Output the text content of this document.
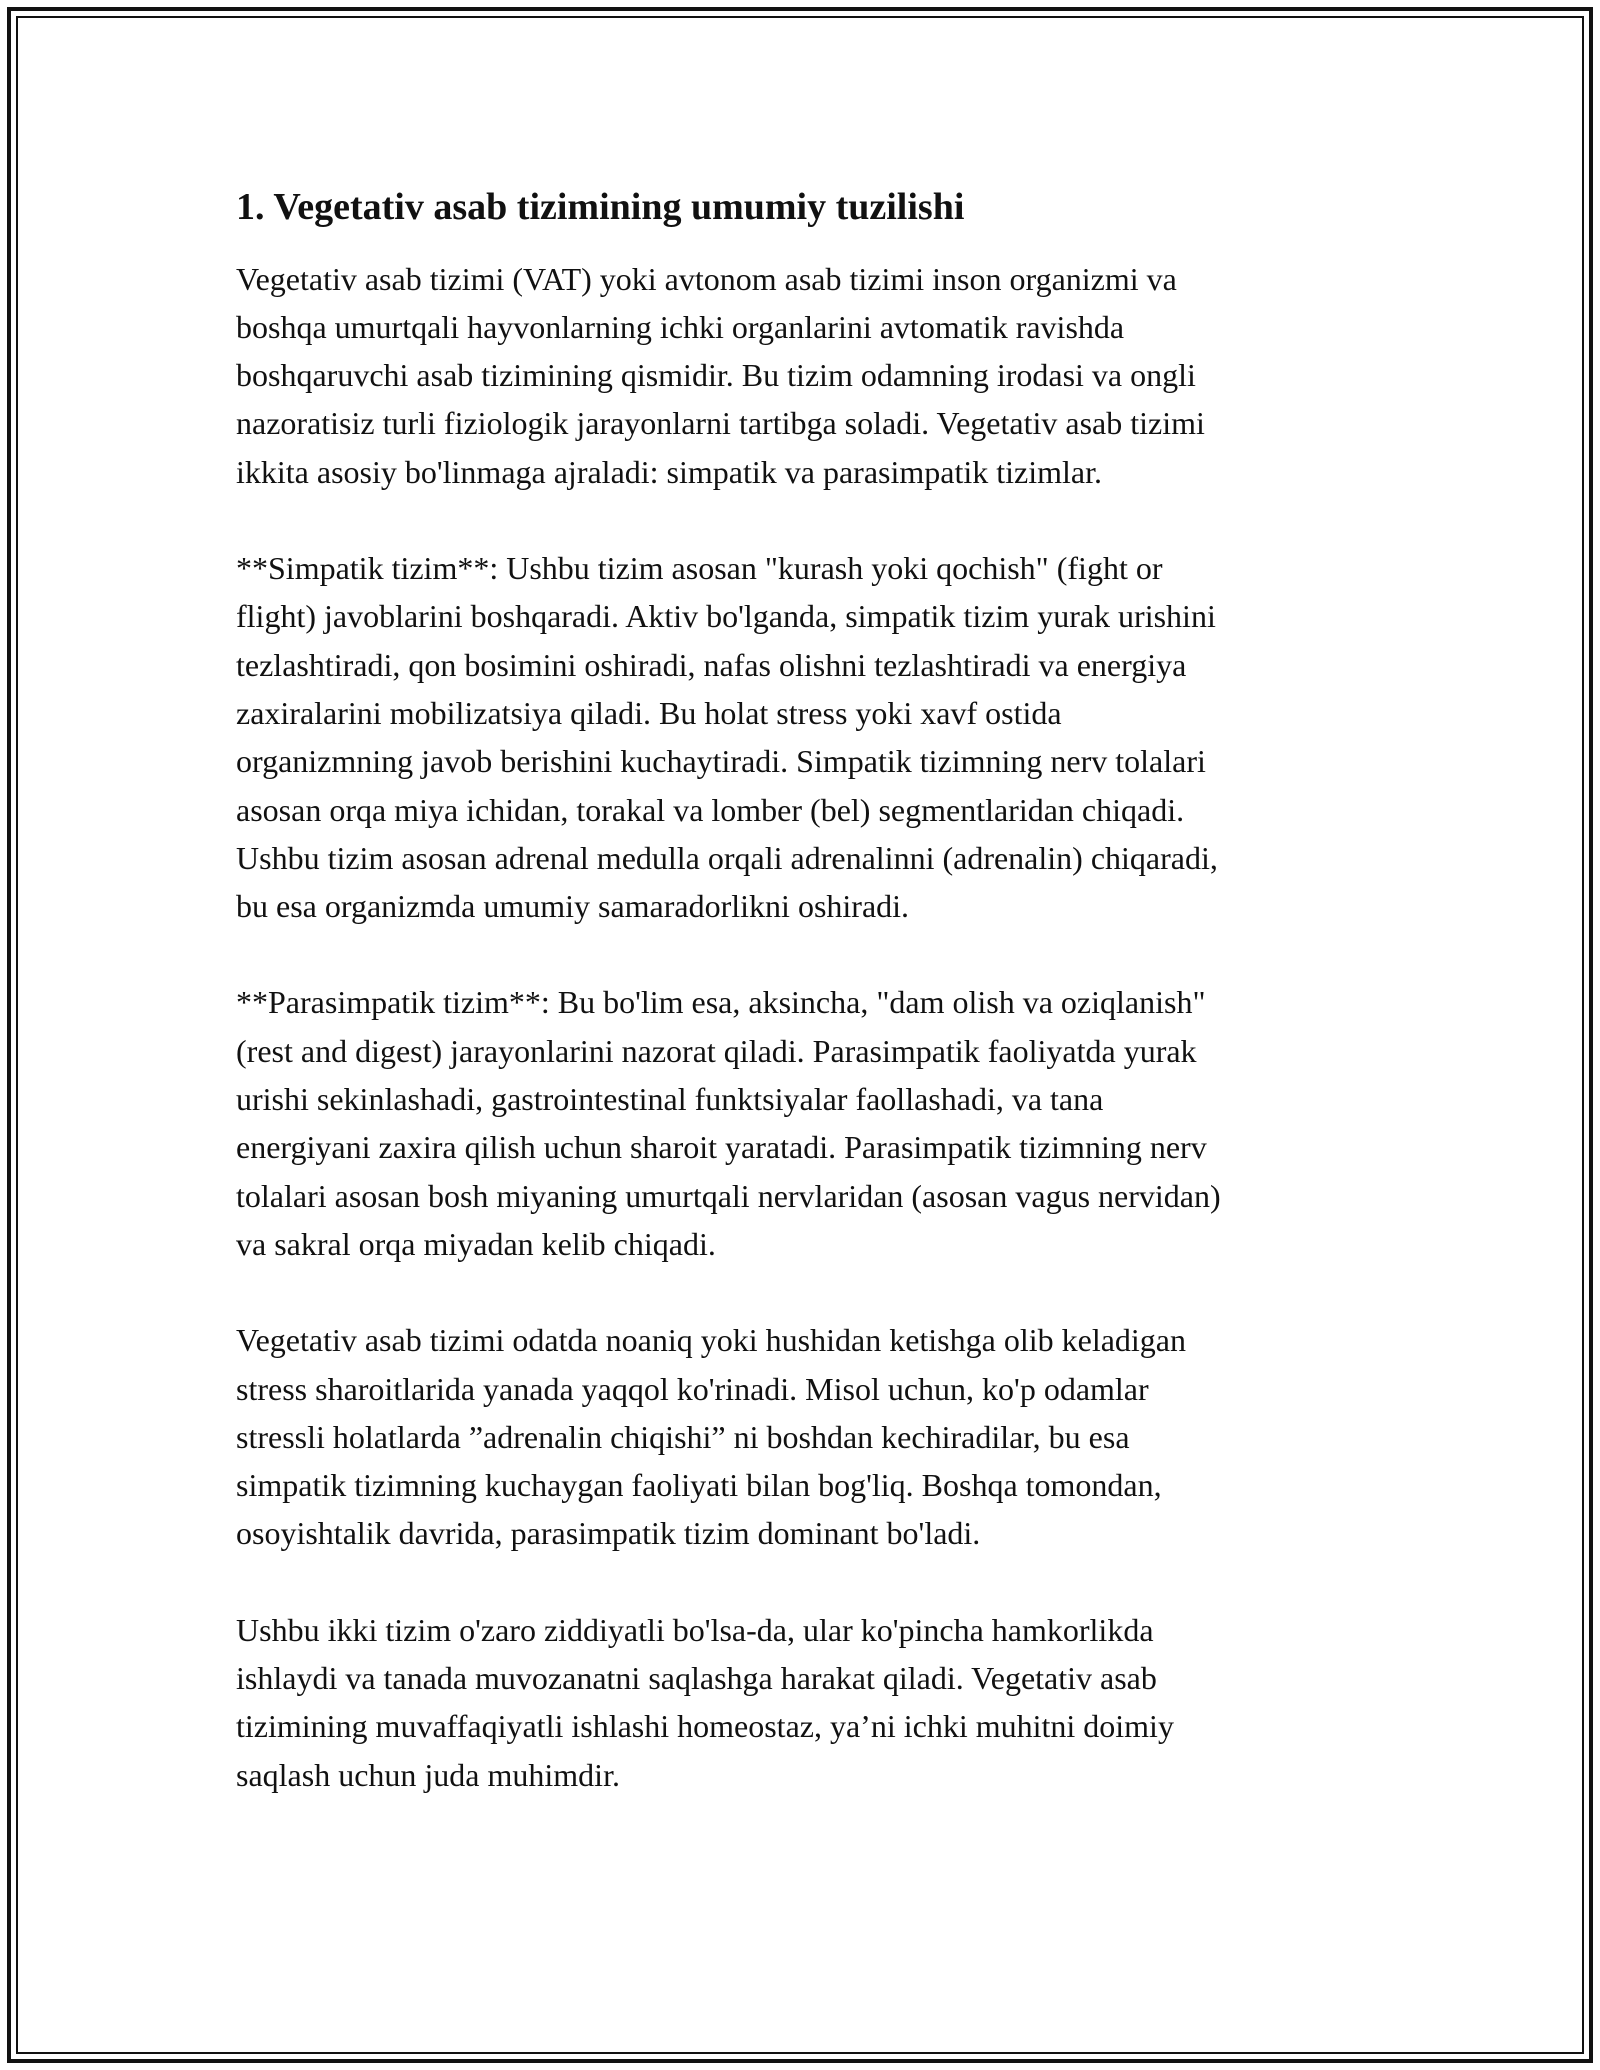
1. Vegetativ asab tizimining umumiy tuzilishi

Vegetativ asab tizimi (VAT) yoki avtonom asab tizimi inson organizmi va
boshqa umurtqali hayvonlarning ichki organlarini avtomatik ravishda
boshqaruvchi asab tizimining qismidir. Bu tizim odamning irodasi va ongli
nazoratisiz turli fiziologik jarayonlarni tartibga soladi. Vegetativ asab tizimi
ikkita asosiy bo'linmaga ajraladi: simpatik va parasimpatik tizimlar.

**Simpatik tizim**: Ushbu tizim asosan "kurash yoki qochish" (fight or
flight) javoblarini boshqaradi. Aktiv bo'lganda, simpatik tizim yurak urishini
tezlashtiradi, qon bosimini oshiradi, nafas olishni tezlashtiradi va energiya
zaxiralarini mobilizatsiya qiladi. Bu holat stress yoki xavf ostida
organizmning javob berishini kuchaytiradi. Simpatik tizimning nerv tolalari
asosan orqa miya ichidan, torakal va lomber (bel) segmentlaridan chiqadi.
Ushbu tizim asosan adrenal medulla orqali adrenalinni (adrenalin) chiqaradi,
bu esa organizmda umumiy samaradorlikni oshiradi.

**Parasimpatik tizim**: Bu bo'lim esa, aksincha, "dam olish va oziqlanish"
(rest and digest) jarayonlarini nazorat qiladi. Parasimpatik faoliyatda yurak
urishi sekinlashadi, gastrointestinal funktsiyalar faollashadi, va tana
energiyani zaxira qilish uchun sharoit yaratadi. Parasimpatik tizimning nerv
tolalari asosan bosh miyaning umurtqali nervlaridan (asosan vagus nervidan)
va sakral orqa miyadan kelib chiqadi.

Vegetativ asab tizimi odatda noaniq yoki hushidan ketishga olib keladigan
stress sharoitlarida yanada yaqqol ko'rinadi. Misol uchun, ko'p odamlar
stressli holatlarda ”adrenalin chiqishi” ni boshdan kechiradilar, bu esa
simpatik tizimning kuchaygan faoliyati bilan bog'liq. Boshqa tomondan,
osoyishtalik davrida, parasimpatik tizim dominant bo'ladi.

Ushbu ikki tizim o'zaro ziddiyatli bo'lsa-da, ular ko'pincha hamkorlikda
ishlaydi va tanada muvozanatni saqlashga harakat qiladi. Vegetativ asab
tizimining muvaffaqiyatli ishlashi homeostaz, ya’ni ichki muhitni doimiy
saqlash uchun juda muhimdir.
